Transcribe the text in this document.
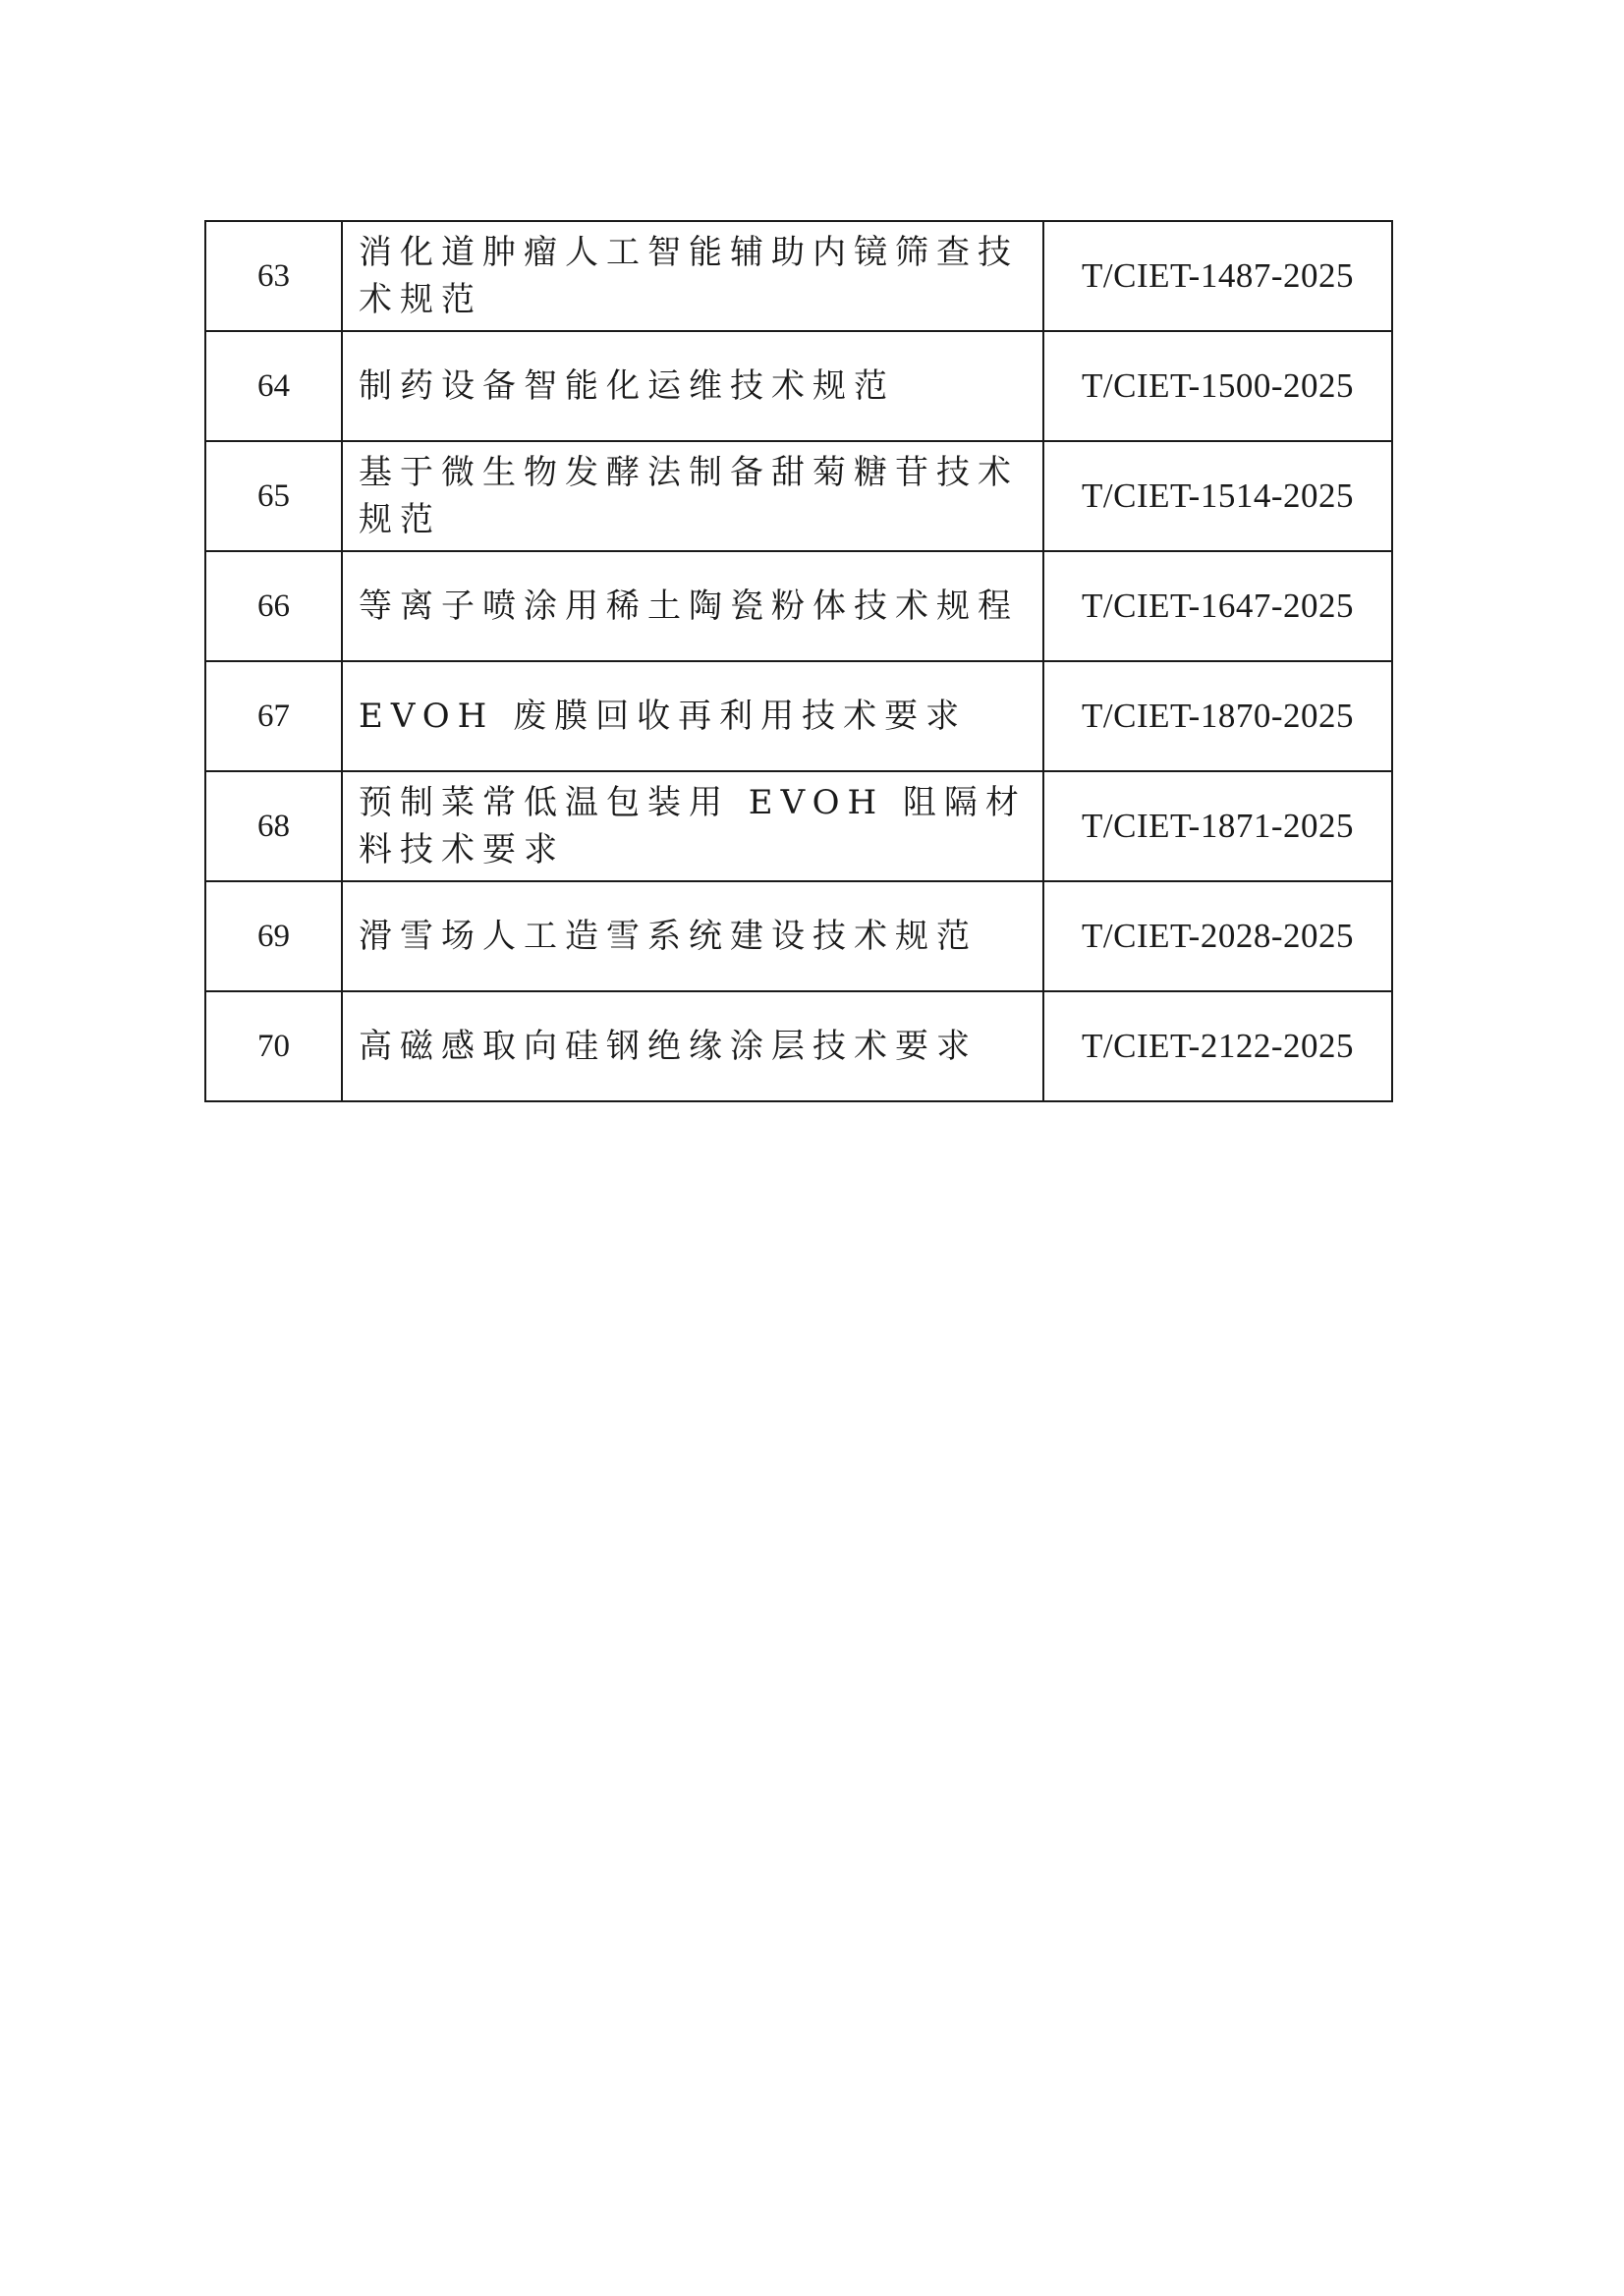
63	消化道肿瘤人工智能辅助内镜筛查技术规范	T/CIET-1487-2025
64	制药设备智能化运维技术规范	T/CIET-1500-2025
65	基于微生物发酵法制备甜菊糖苷技术规范	T/CIET-1514-2025
66	等离子喷涂用稀土陶瓷粉体技术规程	T/CIET-1647-2025
67	EVOH 废膜回收再利用技术要求	T/CIET-1870-2025
68	预制菜常低温包装用 EVOH 阻隔材料技术要求	T/CIET-1871-2025
69	滑雪场人工造雪系统建设技术规范	T/CIET-2028-2025
70	高磁感取向硅钢绝缘涂层技术要求	T/CIET-2122-2025
